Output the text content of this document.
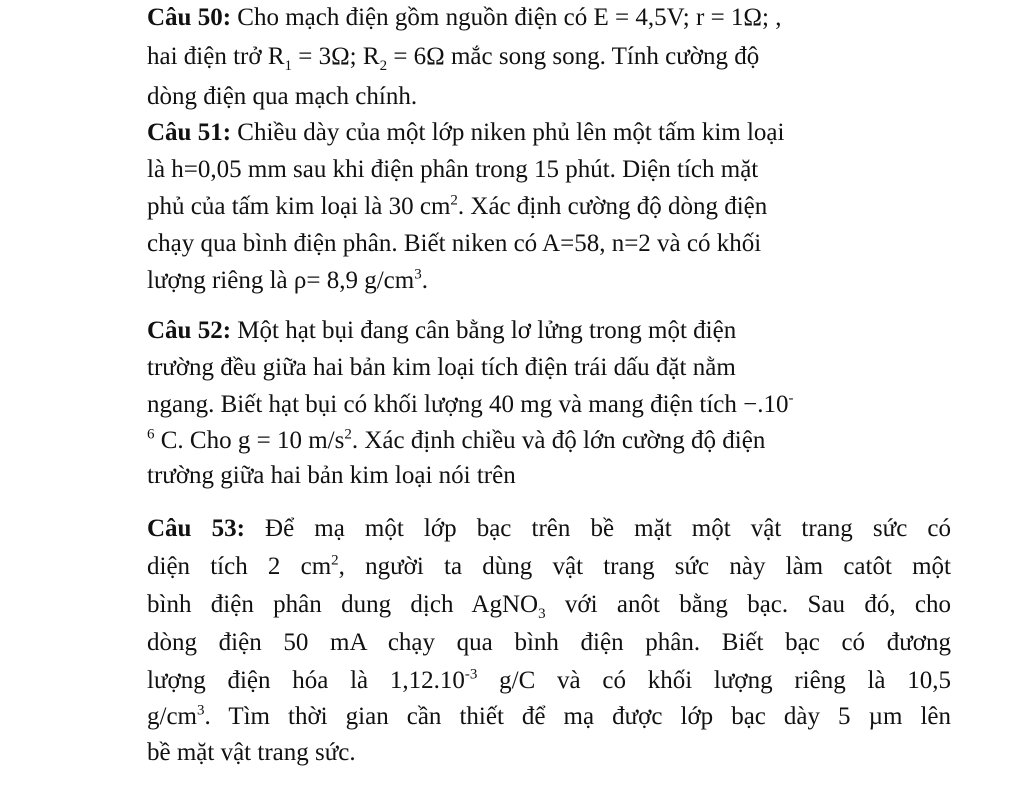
Câu 50: Cho mạch điện gồm nguồn điện có E = 4,5V; r = 1Ω; ,
hai điện trở $R_1 = 3\Omega$; $R_2 = 6\Omega$ mắc song song. Tính cường độ
dòng điện qua mạch chính.
Câu 51: Chiều dày của một lớp niken phủ lên một tấm kim loại
là h=0,05 mm sau khi điện phân trong 15 phút. Diện tích mặt
phủ của tấm kim loại là 30 $cm^2$. Xác định cường độ dòng điện
chạy qua bình điện phân. Biết niken có A=58, n=2 và có khối
lượng riêng là ρ= 8,9 $g/cm^3$.
Câu 52: Một hạt bụi đang cân bằng lơ lửng trong một điện
trường đều giữa hai bản kim loại tích điện trái dấu đặt nằm
ngang. Biết hạt bụi có khối lượng 40 mg và mang điện tích −.10-
$^6$ C. Cho g = 10 $m/s^2$. Xác định chiều và độ lớn cường độ điện
trường giữa hai bản kim loại nói trên
Câu 53: Để mạ một lớp bạc trên bề mặt một vật trang sức có
diện tích 2 $cm^2$, người ta dùng vật trang sức này làm catôt một
bình điện phân dung dịch AgNO$_3$ với anôt bằng bạc. Sau đó, cho
dòng điện 50 mA chạy qua bình điện phân. Biết bạc có đương
lượng điện hóa là $1,12.10^{-3}$ g/C và có khối lượng riêng là 10,5
$g/cm^3$. Tìm thời gian cần thiết để mạ được lớp bạc dày 5 µm lên
bề mặt vật trang sức.
